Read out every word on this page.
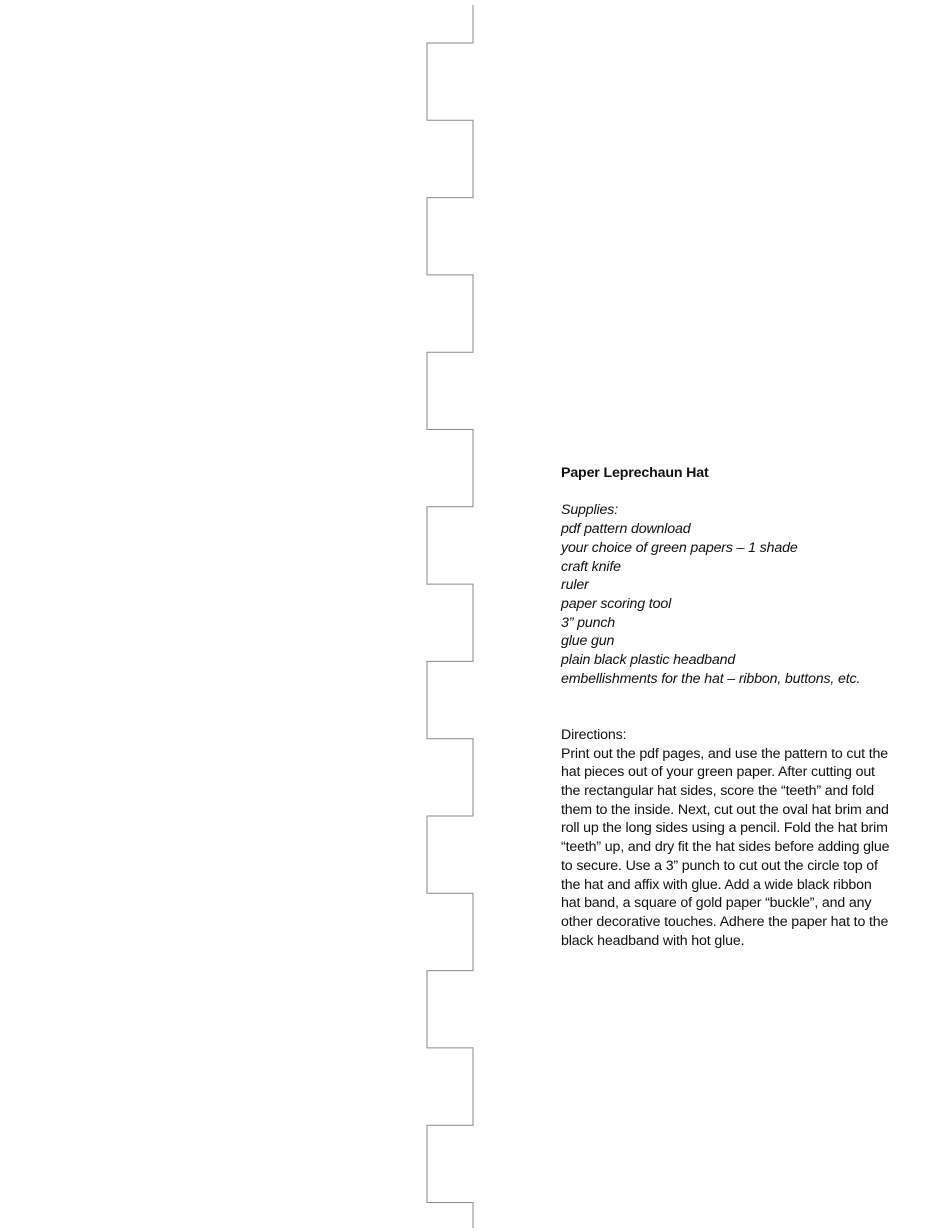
Paper Leprechaun Hat
Supplies:
pdf pattern download
your choice of green papers – 1 shade
craft knife
ruler
paper scoring tool
3” punch
glue gun
plain black plastic headband
embellishments for the hat – ribbon, buttons, etc.
Directions:

Print out the pdf pages, and use the pattern to cut the hat pieces out of your green paper. After cutting out the rectangular hat sides, score the “teeth” and fold them to the inside. Next, cut out the oval hat brim and roll up the long sides using a pencil. Fold the hat brim “teeth” up, and dry fit the hat sides before adding glue to secure. Use a 3” punch to cut out the circle top of the hat and affix with glue. Add a wide black ribbon hat band, a square of gold paper “buckle”, and any other decorative touches. Adhere the paper hat to the black headband with hot glue.
